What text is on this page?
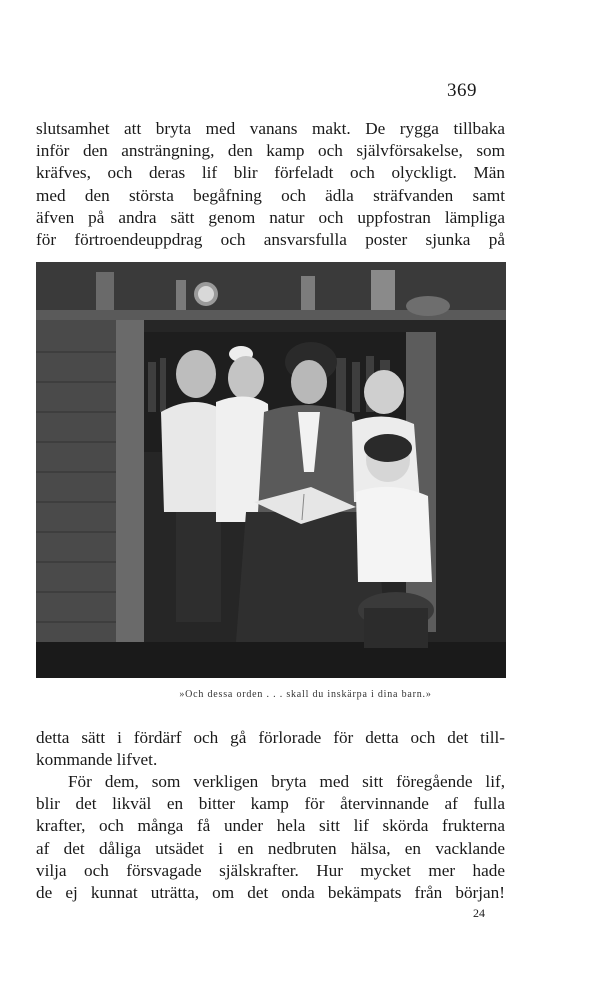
369

slutsamhet att bryta med vanans makt. De rygga tillbaka
inför den ansträngning, den kamp och självförsakelse, som
kräfves, och deras lif blir förfeladt och olyckligt. Män
med den största begåfning och ädla sträfvanden samt
äfven på andra sätt genom natur och uppfostran lämpliga
för förtroendeuppdrag och ansvarsfulla poster sjunka på

»Och dessa orden . . . skall du inskärpa i dina barn.»

detta sätt i fördärf och gå förlorade för detta och det till-
kommande lifvet.

För dem, som verkligen bryta med sitt föregående lif,
blir det likväl en bitter kamp för återvinnande af fulla
krafter, och många få under hela sitt lif skörda frukterna
af det dåliga utsädet i en nedbruten hälsa, en vacklande
vilja och försvagade själskrafter. Hur mycket mer hade
de ej kunnat uträtta, om det onda bekämpats från början!

24
